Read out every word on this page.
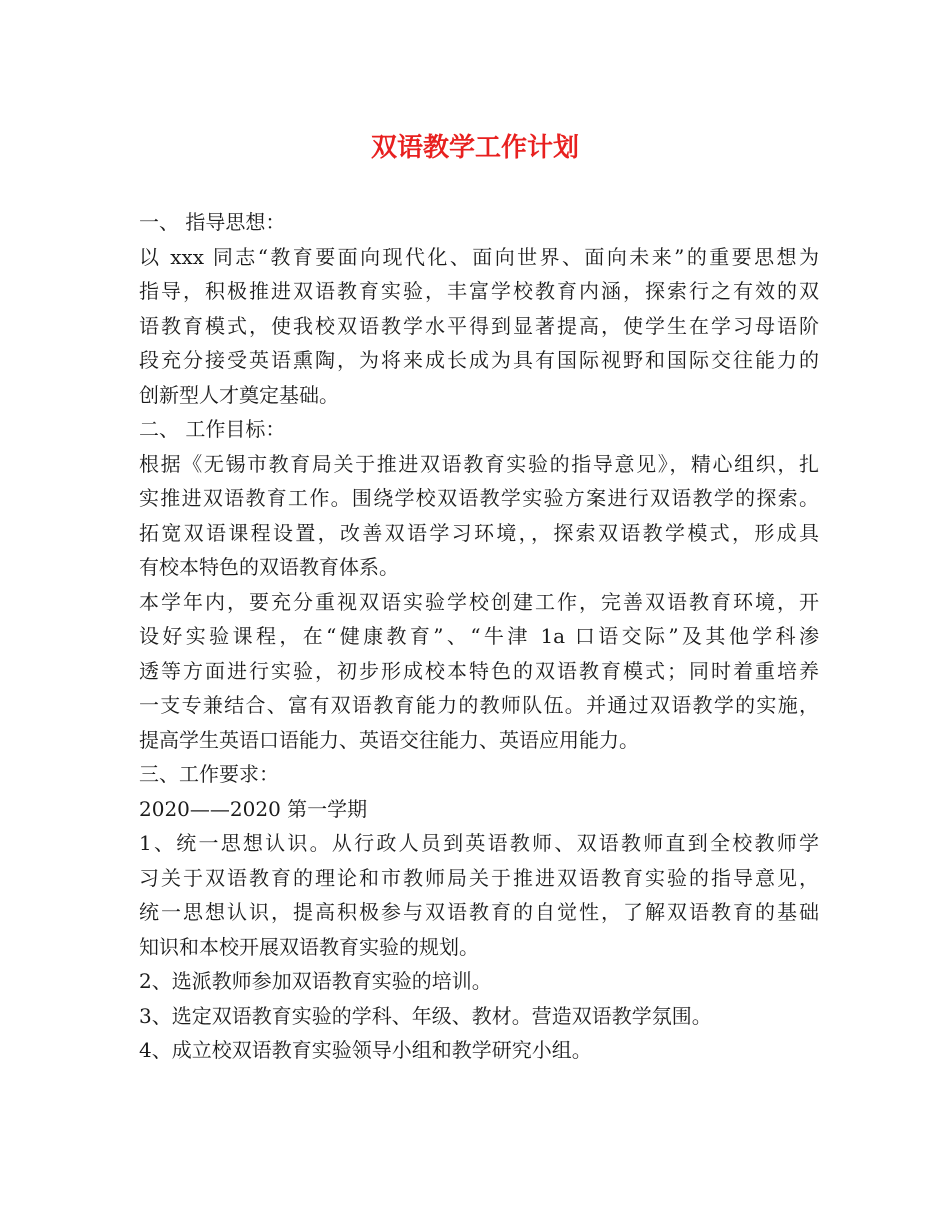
双语教学工作计划

一、 指导思想：

以 xxx 同志“教育要面向现代化、面向世界、面向未来”的重要思想为

指导，积极推进双语教育实验，丰富学校教育内涵，探索行之有效的双

语教育模式，使我校双语教学水平得到显著提高，使学生在学习母语阶

段充分接受英语熏陶，为将来成长成为具有国际视野和国际交往能力的

创新型人才奠定基础。

二、 工作目标：

根据《无锡市教育局关于推进双语教育实验的指导意见》，精心组织，扎

实推进双语教育工作。围绕学校双语教学实验方案进行双语教学的探索。

拓宽双语课程设置，改善双语学习环境，，探索双语教学模式，形成具

有校本特色的双语教育体系。

本学年内，要充分重视双语实验学校创建工作，完善双语教育环境，开

设好实验课程，在“健康教育”、“牛津 1a 口语交际”及其他学科渗

透等方面进行实验，初步形成校本特色的双语教育模式；同时着重培养

一支专兼结合、富有双语教育能力的教师队伍。并通过双语教学的实施，

提高学生英语口语能力、英语交往能力、英语应用能力。

三、工作要求：

2020——2020 第一学期

1、统一思想认识。从行政人员到英语教师、双语教师直到全校教师学

习关于双语教育的理论和市教师局关于推进双语教育实验的指导意见，

统一思想认识，提高积极参与双语教育的自觉性，了解双语教育的基础

知识和本校开展双语教育实验的规划。

2、选派教师参加双语教育实验的培训。

3、选定双语教育实验的学科、年级、教材。营造双语教学氛围。

4、成立校双语教育实验领导小组和教学研究小组。
